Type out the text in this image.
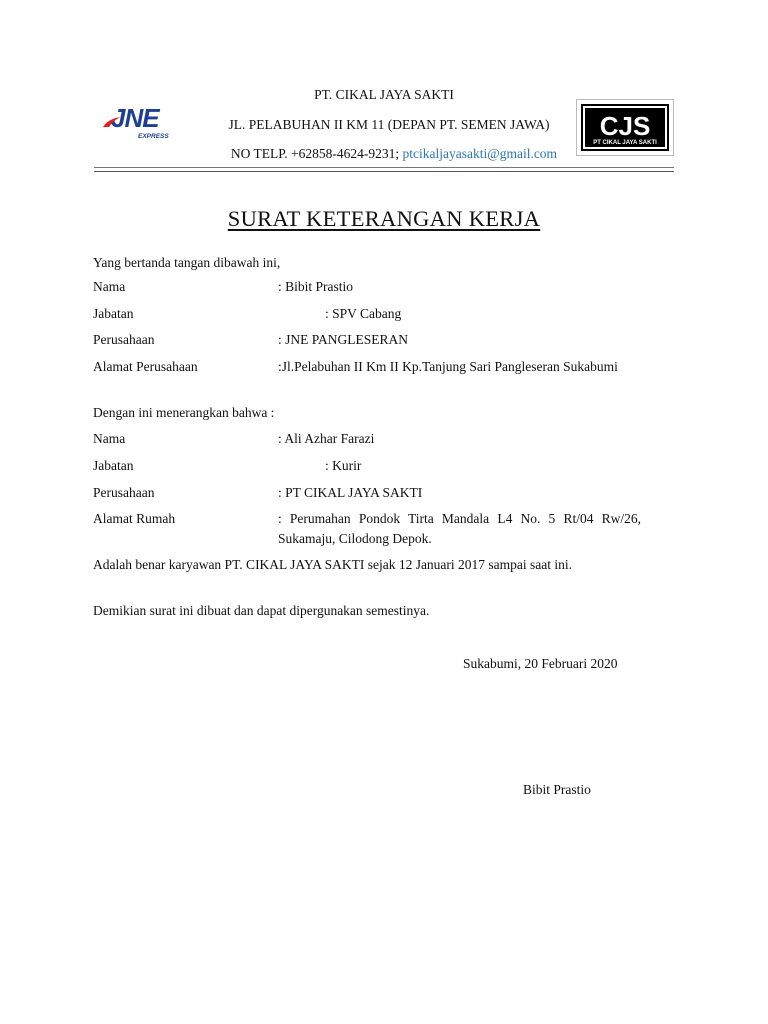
JNE
EXPRESS	CJS
PT CIKAL JAYA SAKTI
PT. CIKAL JAYA SAKTI
JL. PELABUHAN II KM 11 (DEPAN PT. SEMEN JAWA)
NO TELP. +62858-4624-9231; ptcikaljayasakti@gmail.com
SURAT KETERANGAN KERJA
Yang bertanda tangan dibawah ini,
Nama	: Bibit Prastio
Jabatan	: SPV Cabang
Perusahaan	: JNE PANGLESERAN
Alamat Perusahaan	:Jl.Pelabuhan II Km II Kp.Tanjung Sari Pangleseran Sukabumi
Dengan ini menerangkan bahwa :
Nama	: Ali Azhar Farazi
Jabatan	: Kurir
Perusahaan	: PT CIKAL JAYA SAKTI
Alamat Rumah	: Perumahan Pondok Tirta Mandala L4 No. 5 Rt/04 Rw/26, Sukamaju, Cilodong Depok.
Adalah benar karyawan PT. CIKAL JAYA SAKTI sejak 12 Januari 2017 sampai saat ini.
Demikian surat ini dibuat dan dapat dipergunakan semestinya.
Sukabumi, 20 Februari 2020
Bibit Prastio
